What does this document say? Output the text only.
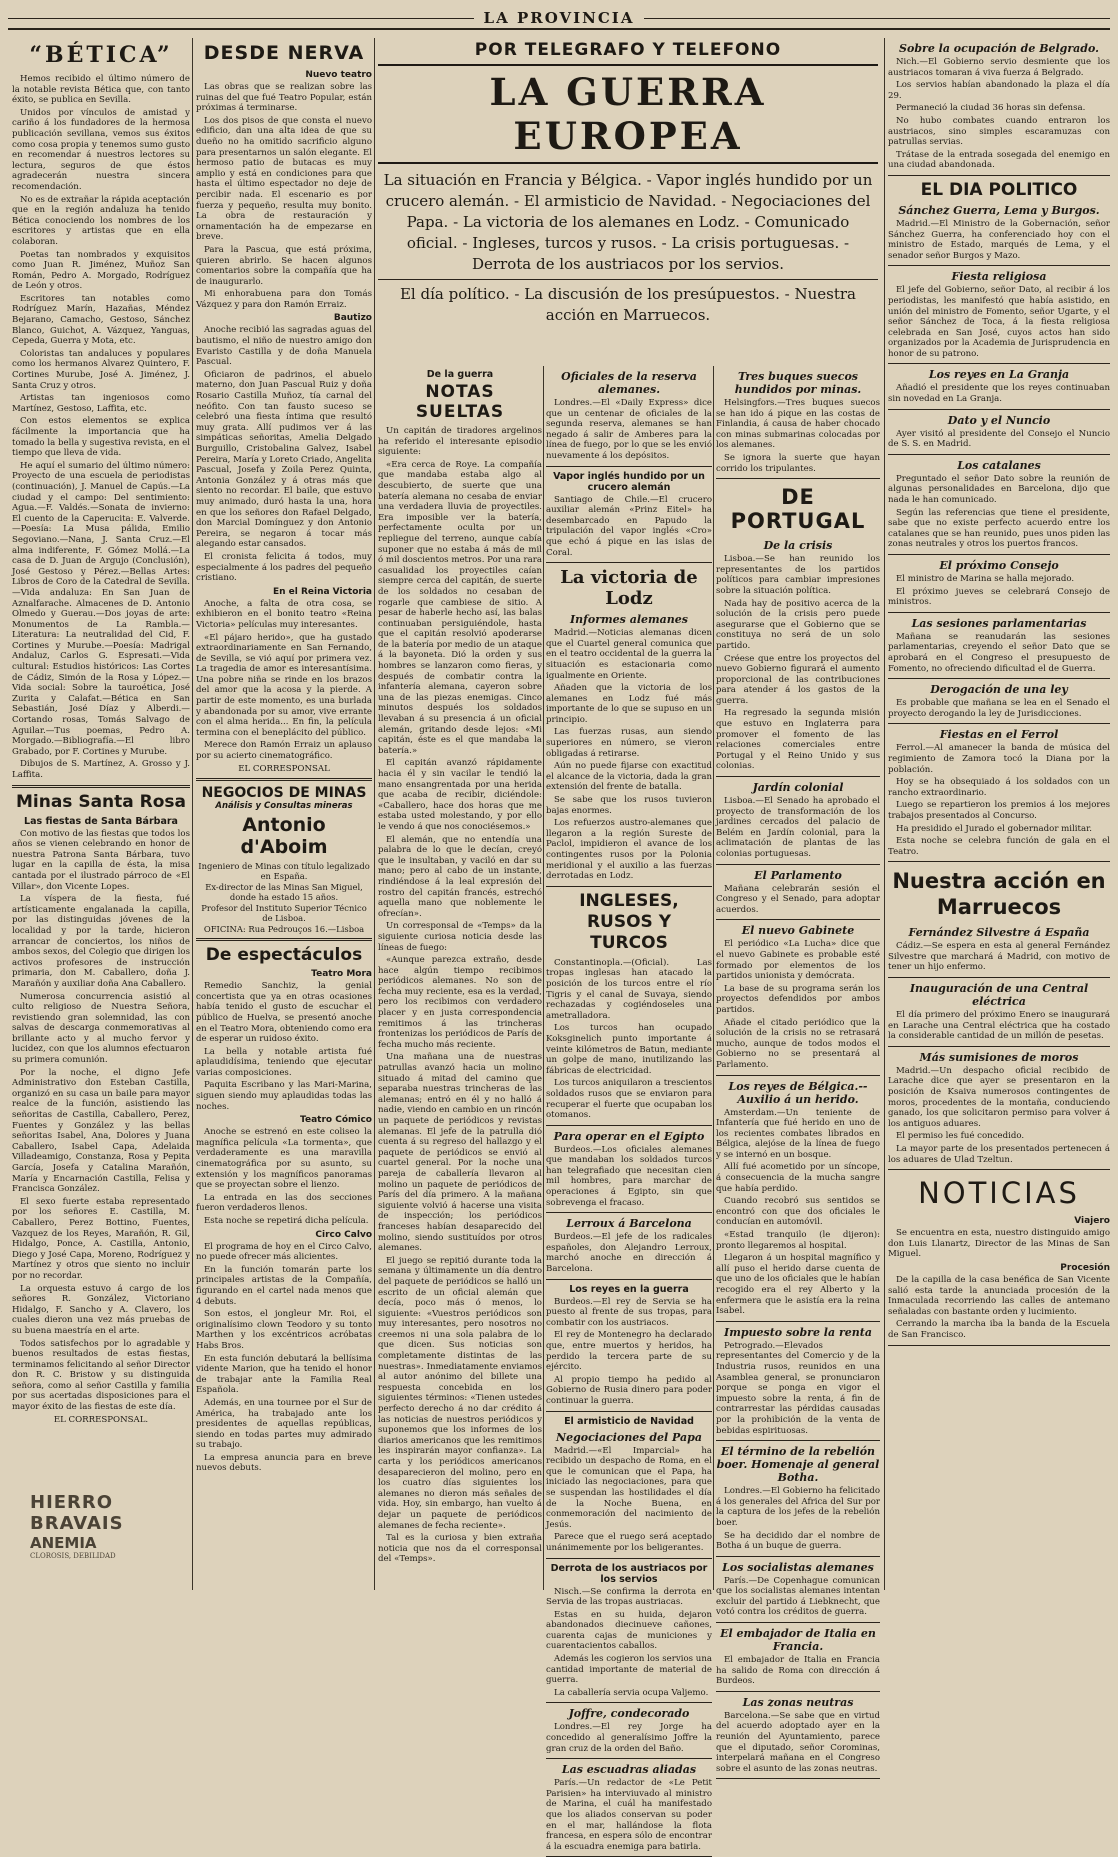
LA PROVINCIA
“BÉTICA”

Hemos recibido el último número de la notable revista Bética que, con tanto éxito, se publica en Sevilla.

Unidos por vínculos de amistad y cariño á los fundadores de la hermosa publicación sevillana, vemos sus éxitos como cosa propia y tenemos sumo gusto en recomendar á nuestros lectores su lectura, seguros de que éstos agradecerán nuestra sincera recomendación.

No es de extrañar la rápida aceptación que en la región andaluza ha tenido Bética conociendo los nombres de los escritores y artistas que en ella colaboran.

Poetas tan nombrados y exquisitos como Juan R. Jiménez, Muñoz San Román, Pedro A. Morgado, Rodríguez de León y otros.

Escritores tan notables como Rodríguez Marín, Hazañas, Méndez Bejarano, Camacho, Gestoso, Sánchez Blanco, Guichot, A. Vázquez, Yanguas, Cepeda, Guerra y Mota, etc.

Coloristas tan andaluces y populares como los hermanos Alvarez Quintero, F. Cortines Murube, José A. Jiménez, J. Santa Cruz y otros.

Artistas tan ingeniosos como Martínez, Gestoso, Laffita, etc.

Con estos elementos se explica fácilmente la importancia que ha tomado la bella y sugestiva revista, en el tiempo que lleva de vida.

He aquí el sumario del último número: Proyecto de una escuela de periodistas (continuación), J. Manuel de Capús.—La ciudad y el campo: Del sentimiento: Agua.—F. Valdés.—Sonata de invierno: El cuento de la Caperucita: E. Valverde.—Poesía: La Musa pálida, Emilio Segoviano.—Nana, J. Santa Cruz.—El alma indiferente, F. Gómez Mollá.—La casa de D. Juan de Argujo (Conclusión), José Gestoso y Pérez.—Bellas Artes: Libros de Coro de la Catedral de Sevilla.—Vida andaluza: En San Juan de Aznalfarache. Almacenes de D. Antonio Olmedo y Guerau.—Dos joyas de arte: Monumentos de La Rambla.—Literatura: La neutralidad del Cid, F. Cortines y Murube.—Poesía: Madrigal Andaluz, Carlos G. Espresati.—Vida cultural: Estudios históricos: Las Cortes de Cádiz, Simón de la Rosa y López.—Vida social: Sobre la tauroética, José Zurita y Calafat.—Bética en San Sebastián, José Díaz y Alberdi.—Cortando rosas, Tomás Salvago de Aguilar.—Tus poemas, Pedro A. Morgado.—Bibliografía.—El libro Grabado, por F. Cortines y Murube.

Dibujos de S. Martínez, A. Grosso y J. Laffita.

Minas Santa Rosa
Las fiestas de Santa Bárbara

Con motivo de las fiestas que todos los años se vienen celebrando en honor de nuestra Patrona Santa Bárbara, tuvo lugar en la capilla de ésta, la misa cantada por el ilustrado párroco de «El Villar», don Vicente Lopes.

La víspera de la fiesta, fué artísticamente engalanada la capilla, por las distinguidas jóvenes de la localidad y por la tarde, hicieron arrancar de conciertos, los niños de ambos sexos, del Colegio que dirigen los activos profesores de instrucción primaria, don M. Caballero, doña J. Marañón y auxiliar doña Ana Caballero.

Numerosa concurrencia asistió al culto religioso de Nuestra Señora, revistiendo gran solemnidad, las con salvas de descarga conmemorativas al brillante acto y al mucho fervor y lucidez, con que los alumnos efectuaron su primera comunión.

Por la noche, el digno Jefe Administrativo don Esteban Castilla, organizó en su casa un baile para mayor realce de la función, asistiendo las señoritas de Castilla, Caballero, Perez, Fuentes y González y las bellas señoritas Isabel, Ana, Dolores y Juana Caballero, Isabel Capa, Adelaida Villadeamigo, Constanza, Rosa y Pepita García, Josefa y Catalina Marañón, María y Encarnación Castilla, Felisa y Francisca González.

El sexo fuerte estaba representado por los señores E. Castilla, M. Caballero, Perez Bottino, Fuentes, Vazquez de los Reyes, Marañón, R. Gil, Hidalgo, Ponce, A. Castilla, Antonio, Diego y José Capa, Moreno, Rodríguez y Martínez y otros que siento no incluir por no recordar.

La orquesta estuvo á cargo de los señores R. González, Victoriano Hidalgo, F. Sancho y A. Clavero, los cuales dieron una vez más pruebas de su buena maestría en el arte.

Todos satisfechos por lo agradable y buenos resultados de estas fiestas, terminamos felicitando al señor Director don R. C. Bristow y su distinguida señora, como al señor Castilla y familia por sus acertadas disposiciones para el mayor éxito de las fiestas de este día.

EL CORRESPONSAL.
DESDE NERVA
Nuevo teatro

Las obras que se realizan sobre las ruinas del que fué Teatro Popular, están próximas á terminarse.

Los dos pisos de que consta el nuevo edificio, dan una alta idea de que su dueño no ha omitido sacrificio alguno para presentarnos un salón elegante. El hermoso patio de butacas es muy amplio y está en condiciones para que hasta el último espectador no deje de percibir nada. El escenario es por fuerza y pequeño, resulta muy bonito. La obra de restauración y ornamentación ha de empezarse en breve.

Para la Pascua, que está próxima, quieren abrirlo. Se hacen algunos comentarios sobre la compañía que ha de inaugurarlo.

Mi enhorabuena para don Tomás Vázquez y para don Ramón Erraiz.

Bautizo

Anoche recibió las sagradas aguas del bautismo, el niño de nuestro amigo don Evaristo Castilla y de doña Manuela Pascual.

Oficiaron de padrinos, el abuelo materno, don Juan Pascual Ruiz y doña Rosario Castilla Muñoz, tía carnal del neófito. Con tan fausto suceso se celebró una fiesta íntima que resultó muy grata. Allí pudimos ver á las simpáticas señoritas, Amelia Delgado Burguillo, Cristobalina Galvez, Isabel Pereira, María y Loreto Criado, Angelita Pascual, Josefa y Zoila Perez Quinta, Antonia González y á otras más que siento no recordar. El baile, que estuvo muy animado, duró hasta la una, hora en que los señores don Rafael Delgado, don Marcial Domínguez y don Antonio Pereira, se negaron á tocar más alegando estar cansados.

El cronista felicita á todos, muy especialmente á los padres del pequeño cristiano.

En el Reina Victoria

Anoche, a falta de otra cosa, se exhibieron en el bonito teatro «Reina Victoria» películas muy interesantes.

«El pájaro herido», que ha gustado extraordinariamente en San Fernando, de Sevilla, se vió aquí por primera vez. La tragedia de amor es interesantísima. Una pobre niña se rinde en los brazos del amor que la acosa y la pierde. A partir de este momento, es una burlada y abandonada por su amor, vive errante con el alma herida... En fin, la película termina con el beneplácito del público.

Merece don Ramón Erraiz un aplauso por su acierto cinematográfico.

EL CORRESPONSAL
NEGOCIOS DE MINAS
Análisis y Consultas mineras
Antonio d'Aboim
Ingeniero de Minas con título legalizado en España.
Ex-director de las Minas San Miguel, donde ha estado 15 años.
Profesor del Instituto Superior Técnico de Lisboa.
OFICINA: Rua Pedrouços 16.—Lisboa
De espectáculos
Teatro Mora

Remedio Sanchiz, la genial concertista que ya en otras ocasiones había tenido el gusto de escuchar el público de Huelva, se presentó anoche en el Teatro Mora, obteniendo como era de esperar un ruidoso éxito.

La bella y notable artista fué aplaudidísima, teniendo que ejecutar varias composiciones.

Paquita Escribano y las Mari-Marina, siguen siendo muy aplaudidas todas las noches.

Teatro Cómico

Anoche se estrenó en este coliseo la magnífica película «La tormenta», que verdaderamente es una maravilla cinematográfica por su asunto, su extensión y los magníficos panoramas que se proyectan sobre el lienzo.

La entrada en las dos secciones fueron verdaderos llenos.

Esta noche se repetirá dicha película.

Circo Calvo

El programa de hoy en el Circo Calvo, no puede ofrecer más alicientes.

En la función tomarán parte los principales artistas de la Compañía, figurando en el cartel nada menos que 4 debuts.

Son estos, el jongleur Mr. Roi, el originalísimo clown Teodoro y su tonto Marthen y los excéntricos acróbatas Habs Bros.

En esta función debutará la bellísima vidente Marion, que ha tenido el honor de trabajar ante la Familia Real Española.

Además, en una tournee por el Sur de América, ha trabajado ante los presidentes de aquellas repúblicas, siendo en todas partes muy admirado su trabajo.

La empresa anuncia para en breve nuevos debuts.

POR TELEGRAFO Y TELEFONO
LA GUERRA EUROPEA
La situación en Francia y Bélgica. - Vapor inglés hundido por un crucero alemán. - El armisticio de Navidad. - Negociaciones del Papa. - La victoria de los alemanes en Lodz. - Comunicado oficial. - Ingleses, turcos y rusos. - La crisis portuguesas. - Derrota de los austriacos por los servios.
El día político. - La discusión de los presúpuestos. - Nuestra acción en Marruecos.
De la guerra
NOTAS SUELTAS

Un capitán de tiradores argelinos ha referido el interesante episodio siguiente:

«Era cerca de Roye. La compañía que mandaba estaba algo al descubierto, de suerte que una batería alemana no cesaba de enviar una verdadera lluvia de proyectiles. Era imposible ver la batería, perfectamente oculta por un repliegue del terreno, aunque cabía suponer que no estaba á más de mil ó mil doscientos metros. Por una rara casualidad los proyectiles caían siempre cerca del capitán, de suerte de los soldados no cesaban de rogarle que cambiese de sitio. A pesar de haberle hecho así, las balas continuaban persiguiéndole, hasta que el capitán resolvió apoderarse de la batería por medio de un ataque á la bayoneta. Dió la orden y sus hombres se lanzaron como fieras, y después de combatir contra la infantería alemana, cayeron sobre una de las piezas enemigas. Cinco minutos después los soldados llevaban á su presencia á un oficial alemán, gritando desde lejos: «Mi capitán, éste es el que mandaba la batería.»

El capitán avanzó rápidamente hacia él y sin vacilar le tendió la mano ensangrentada por una herida que acaba de recibir, diciéndole: «Caballero, hace dos horas que me estaba usted molestando, y por ello le vendo á que nos conociésemos.»

El alemán, que no entendía una palabra de lo que le decían, creyó que le insultaban, y vaciló en dar su mano; pero al cabo de un instante, rindiéndose á la leal expresión del rostro del capitán francés, estrechó aquella mano que noblemente le ofrecían».

Un corresponsal de «Temps» da la siguiente curiosa noticia desde las líneas de fuego:

«Aunque parezca extraño, desde hace algún tiempo recibimos periódicos alemanes. No son de fecha muy reciente, esa es la verdad, pero los recibimos con verdadero placer y en justa correspondencia remitimos á las trincheras frontenizas los periódicos de París de fecha mucho más reciente.

Una mañana una de nuestras patrullas avanzó hacia un molino situado á mitad del camino que separaba nuestras trincheras de las alemanas; entró en él y no halló á nadie, viendo en cambio en un rincón un paquete de periódicos y revistas alemanas. El jefe de la patrulla dió cuenta á su regreso del hallazgo y el paquete de periódicos se envió al cuartel general. Por la noche una pareja de caballería llevaron al molino un paquete de periódicos de París del día primero. A la mañana siguiente volvió á hacerse una visita de inspección; los periódicos franceses habían desaparecido del molino, siendo sustituídos por otros alemanes.

El juego se repitió durante toda la semana y últimamente un día dentro del paquete de periódicos se halló un escrito de un oficial alemán que decía, poco más ó menos, lo siguiente: «Vuestros periódicos son muy interesantes, pero nosotros no creemos ni una sola palabra de lo que dicen. Sus noticias son completamente distintas de las nuestras». Inmediatamente enviamos al autor anónimo del billete una respuesta concebida en los siguientes términos: «Tienen ustedes perfecto derecho á no dar crédito á las noticias de nuestros periódicos y suponemos que los informes de los diarios americanos que les remitimos les inspirarán mayor confianza». La carta y los periódicos americanos desaparecieron del molino, pero en los cuatro días siguientes los alemanes no dieron más señales de vida. Hoy, sin embargo, han vuelto á dejar un paquete de periódicos alemanes de fecha reciente».

Tal es la curiosa y bien extraña noticia que nos da el corresponsal del «Temps».

Oficiales de la reserva alemanes.

Londres.—El «Daily Express» dice que un centenar de oficiales de la segunda reserva, alemanes se han negado á salir de Amberes para la línea de fuego, por lo que se les envió nuevamente á los depósitos.

Vapor inglés hundido por un crucero alemán

Santiago de Chile.—El crucero auxiliar alemán «Prinz Eitel» ha desembarcado en Papudo la tripulación del vapor inglés «Cro» que echó á pique en las islas de Coral.

La victoria de Lodz
Informes alemanes

Madrid.—Noticias alemanas dicen que el Cuartel general comunica que en el teatro occidental de la guerra la situación es estacionaria como igualmente en Oriente.

Añaden que la victoria de los alemanes en Lodz fué más importante de lo que se supuso en un principio.

Las fuerzas rusas, aun siendo superiores en número, se vieron obligadas á retirarse.

Aún no puede fijarse con exactitud el alcance de la victoria, dada la gran extensión del frente de batalla.

Se sabe que los rusos tuvieron bajas enormes.

Los refuerzos austro-alemanes que llegaron a la región Sureste de Paclol, impidieron el avance de los contingentes rusos por la Polonia meridional y el auxilio a las fuerzas derrotadas en Lodz.

INGLESES, RUSOS Y TURCOS

Constantinopla.—(Oficial). Las tropas inglesas han atacado la posición de los turcos entre el río Tigris y el canal de Suvaya, siendo rechazadas y cogiéndoseles una ametralladora.

Los turcos han ocupado Koksginelich punto importante á veinte kilómetros de Batun, mediante un golpe de mano, inutilizando las fábricas de electricidad.

Los turcos aniquilaron a trescientos soldados rusos que se enviaron para recuperar el fuerte que ocupaban los otomanos.

Para operar en el Egipto

Burdeos.—Los oficiales alemanes que mandaban los soldados turcos han telegrafiado que necesitan cien mil hombres, para marchar de operaciones á Egipto, sin que sobrevenga el fracaso.

Lerroux á Barcelona

Burdeos.—El jefe de los radicales españoles, don Alejandro Lerroux, marchó anoche en dirección á Barcelona.

Los reyes en la guerra

Burdeos.—El rey de Servia se ha puesto al frente de sus tropas, para combatir con los austriacos.

El rey de Montenegro ha declarado que, entre muertos y heridos, ha perdido la tercera parte de su ejército.

Al propio tiempo ha pedido al Gobierno de Rusia dinero para poder continuar la guerra.

El armisticio de Navidad
Negociaciones del Papa

Madrid.—«El Imparcial» ha recibido un despacho de Roma, en el que le comunican que el Papa, ha iniciado las negociaciones, para que se suspendan las hostilidades el día de la Noche Buena, en conmemoración del nacimiento de Jesús.

Parece que el ruego será aceptado unánimemente por los beligerantes.

Derrota de los austriacos por los servios

Nisch.—Se confirma la derrota en Servia de las tropas austriacas.

Estas en su huida, dejaron abandonados diecinueve cañones, cuarenta cajas de municiones y cuarentacientos caballos.

Además les cogieron los servios una cantidad importante de material de guerra.

La caballería servia ocupa Valjemo.

Joffre, condecorado

Londres.—El rey Jorge ha concedido al generalísimo Joffre la gran cruz de la orden del Baño.

Las escuadras aliadas

París.—Un redactor de «Le Petit Parisien» ha interviuvado al ministro de Marina, el cuál ha manifestado que los aliados conservan su poder en el mar, hallándose la flota francesa, en espera sólo de encontrar á la escuadra enemiga para batirla.

Tres buques suecos hundidos por minas.

Helsingfors.—Tres buques suecos se han ido á pique en las costas de Finlandia, á causa de haber chocado con minas submarinas colocadas por los alemanes.

Se ignora la suerte que hayan corrido los tripulantes.

DE PORTUGAL
De la crisis

Lisboa.—Se han reunido los representantes de los partidos políticos para cambiar impresiones sobre la situación política.

Nada hay de positivo acerca de la solución de la crisis pero puede asegurarse que el Gobierno que se constituya no será de un solo partido.

Créese que entre los proyectos del nuevo Gobierno figurará el aumento proporcional de las contribuciones para atender á los gastos de la guerra.

Ha regresado la segunda misión que estuvo en Inglaterra para promover el fomento de las relaciones comerciales entre Portugal y el Reino Unido y sus colonias.

Jardín colonial

Lisboa.—El Senado ha aprobado el proyecto de transformación de los jardines cercados del palacio de Belém en Jardín colonial, para la aclimatación de plantas de las colonias portuguesas.

El Parlamento

Mañana celebrarán sesión el Congreso y el Senado, para adoptar acuerdos.

El nuevo Gabinete

El periódico «La Lucha» dice que el nuevo Gabinete es probable esté formado por elementos de los partidos unionista y demócrata.

La base de su programa serán los proyectos defendidos por ambos partidos.

Añade el citado periódico que la solución de la crisis no se retrasará mucho, aunque de todos modos el Gobierno no se presentará al Parlamento.

Los reyes de Bélgica.--Auxilio á un herido.

Amsterdam.—Un teniente de Infantería que fué herido en uno de los recientes combates librados en Bélgica, alejóse de la línea de fuego y se internó en un bosque.

Allí fué acometido por un síncope, á consecuencia de la mucha sangre que había perdido.

Cuando recobró sus sentidos se encontró con que dos oficiales le conducían en automóvil.

«Estad tranquilo (le dijeron): pronto llegaremos al hospital.

Llegaron á un hospital magnífico y allí puso el herido darse cuenta de que uno de los oficiales que le habían recogido era el rey Alberto y la enfermera que le asistía era la reina Isabel.

Impuesto sobre la renta

Petrogrado.—Elevados representantes del Comercio y de la Industria rusos, reunidos en una Asamblea general, se pronunciaron porque se ponga en vigor el impuesto sobre la renta, á fin de contrarrestar las pérdidas causadas por la prohibición de la venta de bebidas espirituosas.

El término de la rebelión boer. Homenaje al general Botha.

Londres.—El Gobierno ha felicitado á los generales del Africa del Sur por la captura de los jefes de la rebelión boer.

Se ha decidido dar el nombre de Botha á un buque de guerra.

Los socialistas alemanes

París.—De Copenhague comunican que los socialistas alemanes intentan excluir del partido á Liebknecht, que votó contra los créditos de guerra.

El embajador de Italia en Francia.

El embajador de Italia en Francia ha salido de Roma con dirección á Burdeos.

Las zonas neutras

Barcelona.—Se sabe que en virtud del acuerdo adoptado ayer en la reunión del Ayuntamiento, parece que el diputado, señor Corominas, interpelará mañana en el Congreso sobre el asunto de las zonas neutras.

Sobre la ocupación de Belgrado.

Nich.—El Gobierno servio desmiente que los austriacos tomaran á viva fuerza á Belgrado.

Los servios habían abandonado la plaza el día 29.

Permaneció la ciudad 36 horas sin defensa.

No hubo combates cuando entraron los austriacos, sino simples escaramuzas con patrullas servias.

Trátase de la entrada sosegada del enemigo en una ciudad abandonada.

EL DIA POLITICO
Sánchez Guerra, Lema y Burgos.

Madrid.—El Ministro de la Gobernación, señor Sánchez Guerra, ha conferenciado hoy con el ministro de Estado, marqués de Lema, y el senador señor Burgos y Mazo.

Fiesta religiosa

El jefe del Gobierno, señor Dato, al recibir á los periodistas, les manifestó que había asistido, en unión del ministro de Fomento, señor Ugarte, y el señor Sánchez de Toca, á la fiesta religiosa celebrada en San José, cuyos actos han sido organizados por la Academia de Jurisprudencia en honor de su patrono.

Los reyes en La Granja

Añadió el presidente que los reyes continuaban sin novedad en La Granja.

Dato y el Nuncio

Ayer visitó al presidente del Consejo el Nuncio de S. S. en Madrid.

Los catalanes

Preguntado el señor Dato sobre la reunión de algunas personalidades en Barcelona, dijo que nada le han comunicado.

Según las referencias que tiene el presidente, sabe que no existe perfecto acuerdo entre los catalanes que se han reunido, pues unos piden las zonas neutrales y otros los puertos francos.

El próximo Consejo

El ministro de Marina se halla mejorado.

El próximo jueves se celebrará Consejo de ministros.

Las sesiones parlamentarias

Mañana se reanudarán las sesiones parlamentarias, creyendo el señor Dato que se aprobará en el Congreso el presupuesto de Fomento, no ofreciendo dificultad el de Guerra.

Derogación de una ley

Es probable que mañana se lea en el Senado el proyecto derogando la ley de Jurisdicciones.

Fiestas en el Ferrol

Ferrol.—Al amanecer la banda de música del regimiento de Zamora tocó la Diana por la población.

Hoy se ha obsequiado á los soldados con un rancho extraordinario.

Luego se repartieron los premios á los mejores trabajos presentados al Concurso.

Ha presidido el Jurado el gobernador militar.

Esta noche se celebra función de gala en el Teatro.

Nuestra acción en Marruecos
Fernández Silvestre á España

Cádiz.—Se espera en esta al general Fernández Silvestre que marchará á Madrid, con motivo de tener un hijo enfermo.

Inauguración de una Central eléctrica

El día primero del próximo Enero se inaugurará en Larache una Central eléctrica que ha costado la considerable cantidad de un millón de pesetas.

Más sumisiones de moros

Madrid.—Un despacho oficial recibido de Larache dice que ayer se presentaron en la posición de Ksaiva numerosos contingentes de moros, procedentes de la montaña, conduciendo ganado, los que solicitaron permiso para volver á los antiguos aduares.

El permiso les fué concedido.

La mayor parte de los presentados pertenecen á los aduares de Ulad Tzeltun.

NOTICIAS
Viajero

Se encuentra en esta, nuestro distinguido amigo don Luis Llanartz, Director de las Minas de San Miguel.

Procesión

De la capilla de la casa benéfica de San Vicente salió esta tarde la anunciada procesión de la Inmaculada recorriendo las calles de antemano señaladas con bastante orden y lucimiento.

Cerrando la marcha iba la banda de la Escuela de San Francisco.

HIERRO BRAVAIS
ANEMIA
CLOROSIS, DEBILIDAD
